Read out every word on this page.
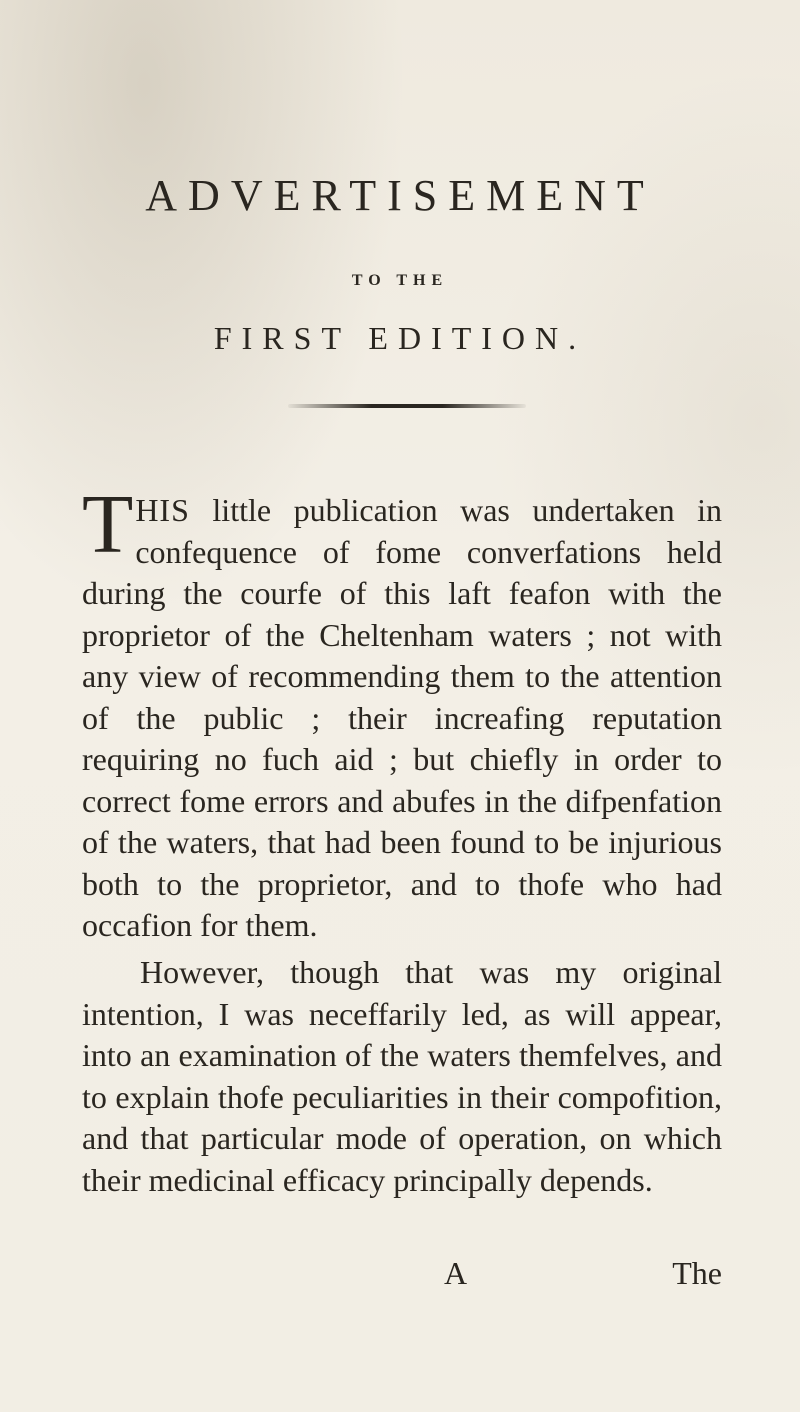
ADVERTISEMENT
TO THE
FIRST EDITION.

THIS little publication was undertaken in confequence of fome converfations held during the courfe of this laft feafon with the proprietor of the Cheltenham waters ; not with any view of recommending them to the attention of the public ; their increafing reputation requiring no fuch aid ; but chiefly in order to correct fome errors and abufes in the difpenfation of the waters, that had been found to be injurious both to the proprietor, and to thofe who had occafion for them.

However, though that was my original intention, I was neceffarily led, as will appear, into an examination of the waters themfelves, and to explain thofe peculiarities in their compofition, and that particular mode of operation, on which their medicinal efficacy principally depends.

A	The
